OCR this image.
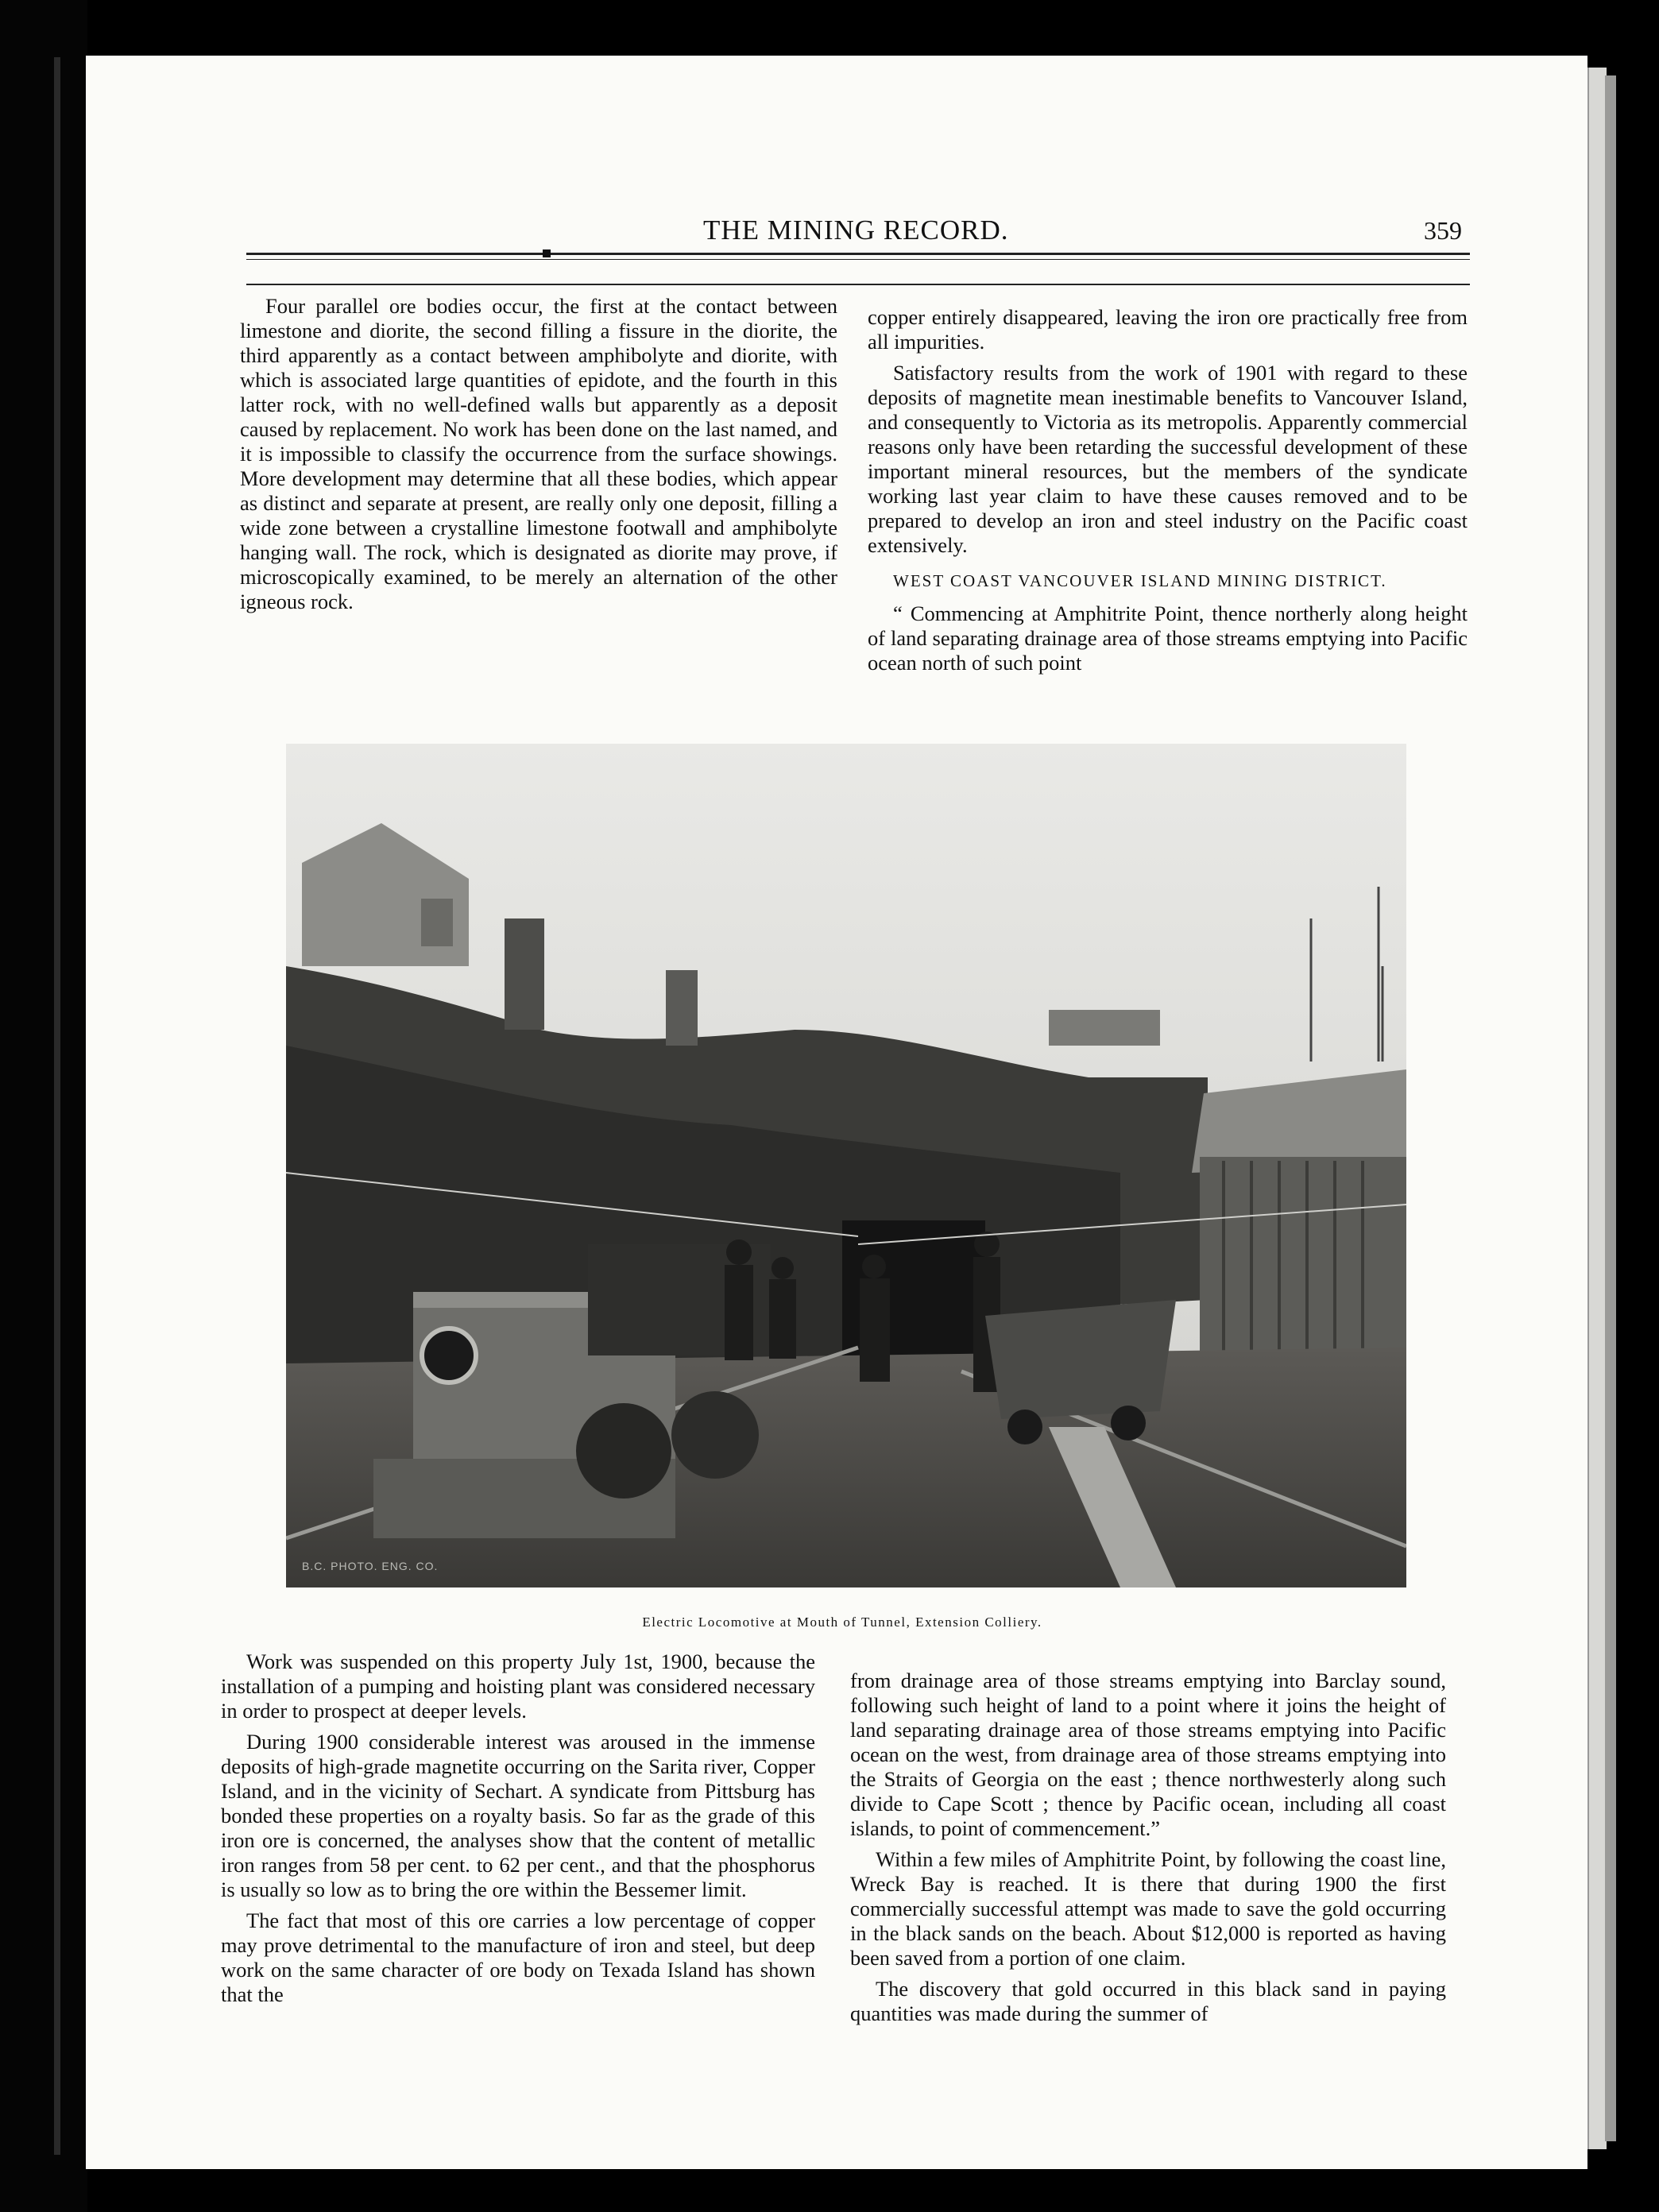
THE MINING RECORD.	359

Four parallel ore bodies occur, the first at the contact between limestone and diorite, the second filling a fissure in the diorite, the third apparently as a contact between amphibolyte and diorite, with which is associated large quantities of epidote, and the fourth in this latter rock, with no well-defined walls but apparently as a deposit caused by replacement. No work has been done on the last named, and it is impossible to classify the occurrence from the surface showings. More development may determine that all these bodies, which appear as distinct and separate at present, are really only one deposit, filling a wide zone between a crystalline limestone footwall and amphibolyte hanging wall. The rock, which is designated as diorite may prove, if microscopically examined, to be merely an alternation of the other igneous rock.

copper entirely disappeared, leaving the iron ore practically free from all impurities.

Satisfactory results from the work of 1901 with regard to these deposits of magnetite mean inestimable benefits to Vancouver Island, and consequently to Victoria as its metropolis. Apparently commercial reasons only have been retarding the successful development of these important mineral resources, but the members of the syndicate working last year claim to have these causes removed and to be prepared to develop an iron and steel industry on the Pacific coast extensively.

WEST COAST VANCOUVER ISLAND MINING DISTRICT.

“ Commencing at Amphitrite Point, thence northerly along height of land separating drainage area of those streams emptying into Pacific ocean north of such point

B.C. PHOTO. ENG. CO.
Electric Locomotive at Mouth of Tunnel, Extension Colliery.

Work was suspended on this property July 1st, 1900, because the installation of a pumping and hoisting plant was considered necessary in order to prospect at deeper levels.

During 1900 considerable interest was aroused in the immense deposits of high-grade magnetite occurring on the Sarita river, Copper Island, and in the vicinity of Sechart. A syndicate from Pittsburg has bonded these properties on a royalty basis. So far as the grade of this iron ore is concerned, the analyses show that the content of metallic iron ranges from 58 per cent. to 62 per cent., and that the phosphorus is usually so low as to bring the ore within the Bessemer limit.

The fact that most of this ore carries a low percentage of copper may prove detrimental to the manufacture of iron and steel, but deep work on the same character of ore body on Texada Island has shown that the

from drainage area of those streams emptying into Barclay sound, following such height of land to a point where it joins the height of land separating drainage area of those streams emptying into Pacific ocean on the west, from drainage area of those streams emptying into the Straits of Georgia on the east ; thence northwesterly along such divide to Cape Scott ; thence by Pacific ocean, including all coast islands, to point of commencement.”

Within a few miles of Amphitrite Point, by following the coast line, Wreck Bay is reached. It is there that during 1900 the first commercially successful attempt was made to save the gold occurring in the black sands on the beach. About $12,000 is reported as having been saved from a portion of one claim.

The discovery that gold occurred in this black sand in paying quantities was made during the summer of
